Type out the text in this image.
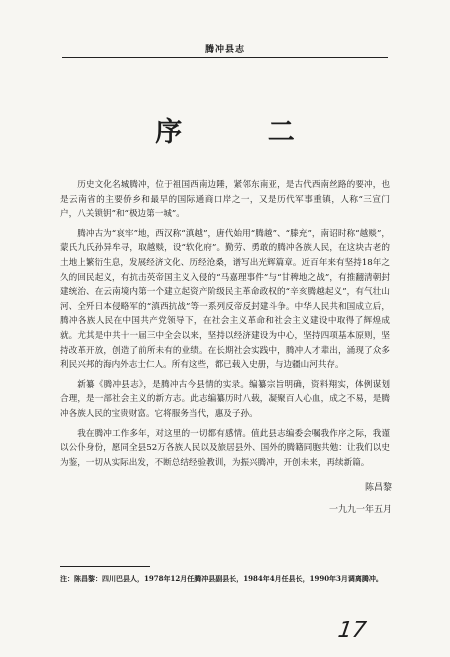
腾冲县志
序 二

历史文化名城腾冲，位于祖国西南边陲，紧邻东南亚，是古代西南丝路的要冲，也是云南省的主要侨乡和最早的国际通商口岸之一，又是历代军事重镇，人称“三宣门户，八关锁钥”和“极边第一城”。

腾冲古为“哀牢”地，西汉称“滇越”，唐代始用“腾越”、“滕充”，南诏时称“越赕”，蒙氏九氏孙异牟寻，取越赕，设“软化府”。勤劳、勇敢的腾冲各族人民，在这块古老的土地上繁衍生息，发展经济文化、历经沧桑，谱写出光辉篇章。近百年来有坚持18年之久的回民起义，有抗击英帝国主义入侵的“马嘉理事件”与“甘稗地之战”，有推翻清朝封建统治、在云南境内第一个建立起资产阶级民主革命政权的“辛亥腾越起义”，有气壮山河、全歼日本侵略军的“滇西抗战”等一系列反帝反封建斗争。中华人民共和国成立后，腾冲各族人民在中国共产党领导下，在社会主义革命和社会主义建设中取得了辉煌成就。尤其是中共十一届三中全会以来，坚持以经济建设为中心，坚持四项基本原则，坚持改革开放，创造了前所未有的业绩。在长期社会实践中，腾冲人才辈出，涌现了众多利民兴邦的海内外志士仁人。所有这些，都已载入史册，与边疆山河共存。

新纂《腾冲县志》，是腾冲古今县情的实录。编纂宗旨明确，资料翔实，体例谋划合理，是一部社会主义的新方志。此志编纂历时八载，凝聚百人心血，成之不易，是腾冲各族人民的宝贵财富。它将服务当代，惠及子孙。

我在腾冲工作多年，对这里的一切都有感情。值此县志编委会嘱我作序之际，我谨以公仆身份，愿同全县52万各族人民以及旅居县外、国外的腾籍同胞共勉：让我们以史为鉴，一切从实际出发，不断总结经验教训，为振兴腾冲，开创未来，再续新篇。

陈昌黎
一九九一年五月
注：陈昌黎：四川巴县人，1978年12月任腾冲县副县长，1984年4月任县长，1990年3月调离腾冲。
17
